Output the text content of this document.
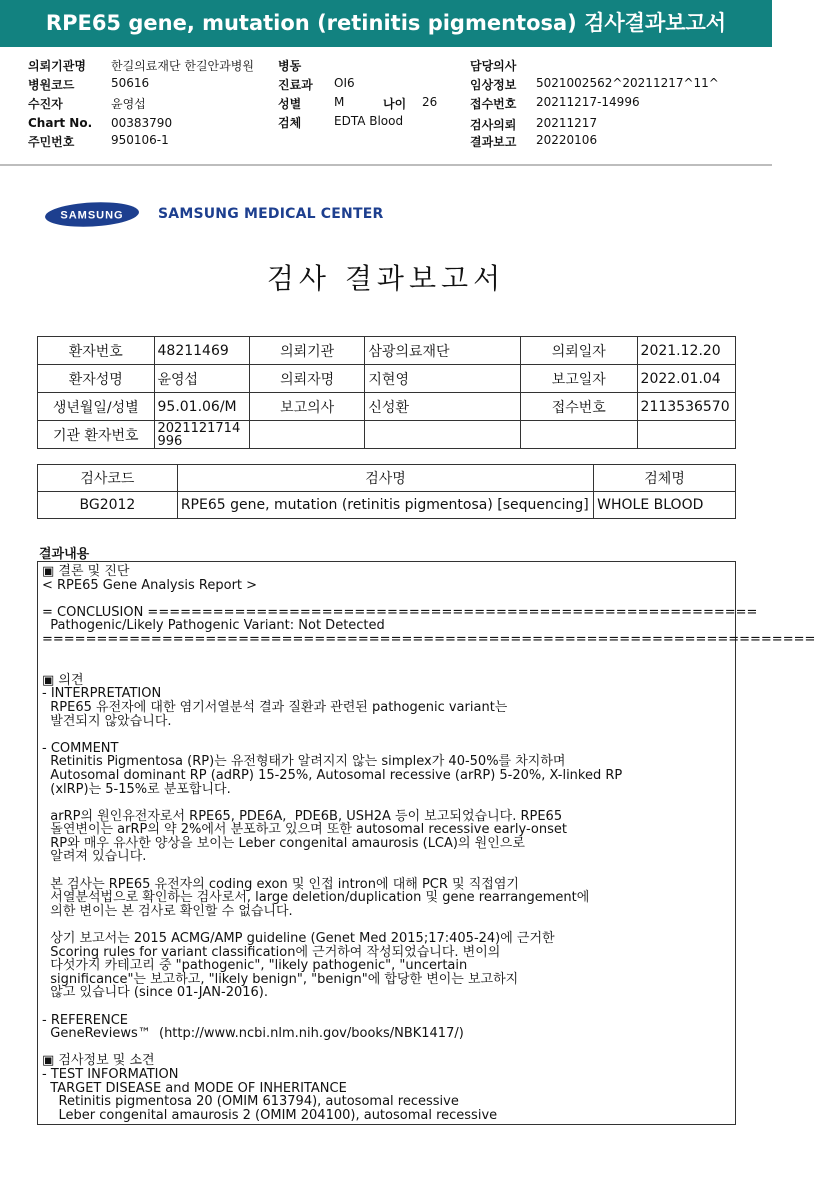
RPE65 gene, mutation (retinitis pigmentosa) 검사결과보고서
의뢰기관명 한길의료재단 한길안과병원
병원코드	50616
수진자	윤영섭
Chart No. 00383790
주민번호	950106-1
병동
진료과 OI6
성별	M	나이 26
검체	EDTA Blood
담당의사
임상정보 5021002562^20211217^11^
접수번호 20211217-14996
검사의뢰 20211217
결과보고 20220106
SAMSUNG SAMSUNG MEDICAL CENTER
검사 결과보고서
환자번호	48211469	의뢰기관	삼광의료재단	의뢰일자	2021.12.20
환자성명	윤영섭	의뢰자명	지현영	보고일자	2022.01.04
생년월일/성별	95.01.06/M	보고의사	신성환	접수번호	2113536570
기관 환자번호	2021121714996				
검사코드	검사명	검체명
BG2012	RPE65 gene, mutation (retinitis pigmentosa) [sequencing]	WHOLE BLOOD
결과내용
▣ 결론 및 진단
< RPE65 Gene Analysis Report >
= CONCLUSION ========================================================
Pathogenic/Likely Pathogenic Variant: Not Detected
=======================================================================
▣ 의견
- INTERPRETATION
RPE65 유전자에 대한 염기서열분석 결과 질환과 관련된 pathogenic variant는
발견되지 않았습니다.
- COMMENT
Retinitis Pigmentosa (RP)는 유전형태가 알려지지 않는 simplex가 40-50%를 차지하며
Autosomal dominant RP (adRP) 15-25%, Autosomal recessive (arRP) 5-20%, X-linked RP
(xlRP)는 5-15%로 분포합니다.
arRP의 원인유전자로서 RPE65, PDE6A,  PDE6B, USH2A 등이 보고되었습니다. RPE65
돌연변이는 arRP의 약 2%에서 분포하고 있으며 또한 autosomal recessive early-onset
RP와 매우 유사한 양상을 보이는 Leber congenital amaurosis (LCA)의 원인으로
알려져 있습니다.
본 검사는 RPE65 유전자의 coding exon 및 인접 intron에 대해 PCR 및 직접염기
서열분석법으로 확인하는 검사로서, large deletion/duplication 및 gene rearrangement에
의한 변이는 본 검사로 확인할 수 없습니다.
상기 보고서는 2015 ACMG/AMP guideline (Genet Med 2015;17:405-24)에 근거한
Scoring rules for variant classification에 근거하여 작성되었습니다. 변이의
다섯가지 카테고리 중 "pathogenic", "likely pathogenic", "uncertain
significance"는 보고하고, "likely benign", "benign"에 합당한 변이는 보고하지
않고 있습니다 (since 01-JAN-2016).
- REFERENCE
GeneReviews™  (http://www.ncbi.nlm.nih.gov/books/NBK1417/)
▣ 검사정보 및 소견
- TEST INFORMATION
TARGET DISEASE and MODE OF INHERITANCE
Retinitis pigmentosa 20 (OMIM 613794), autosomal recessive
Leber congenital amaurosis 2 (OMIM 204100), autosomal recessive
